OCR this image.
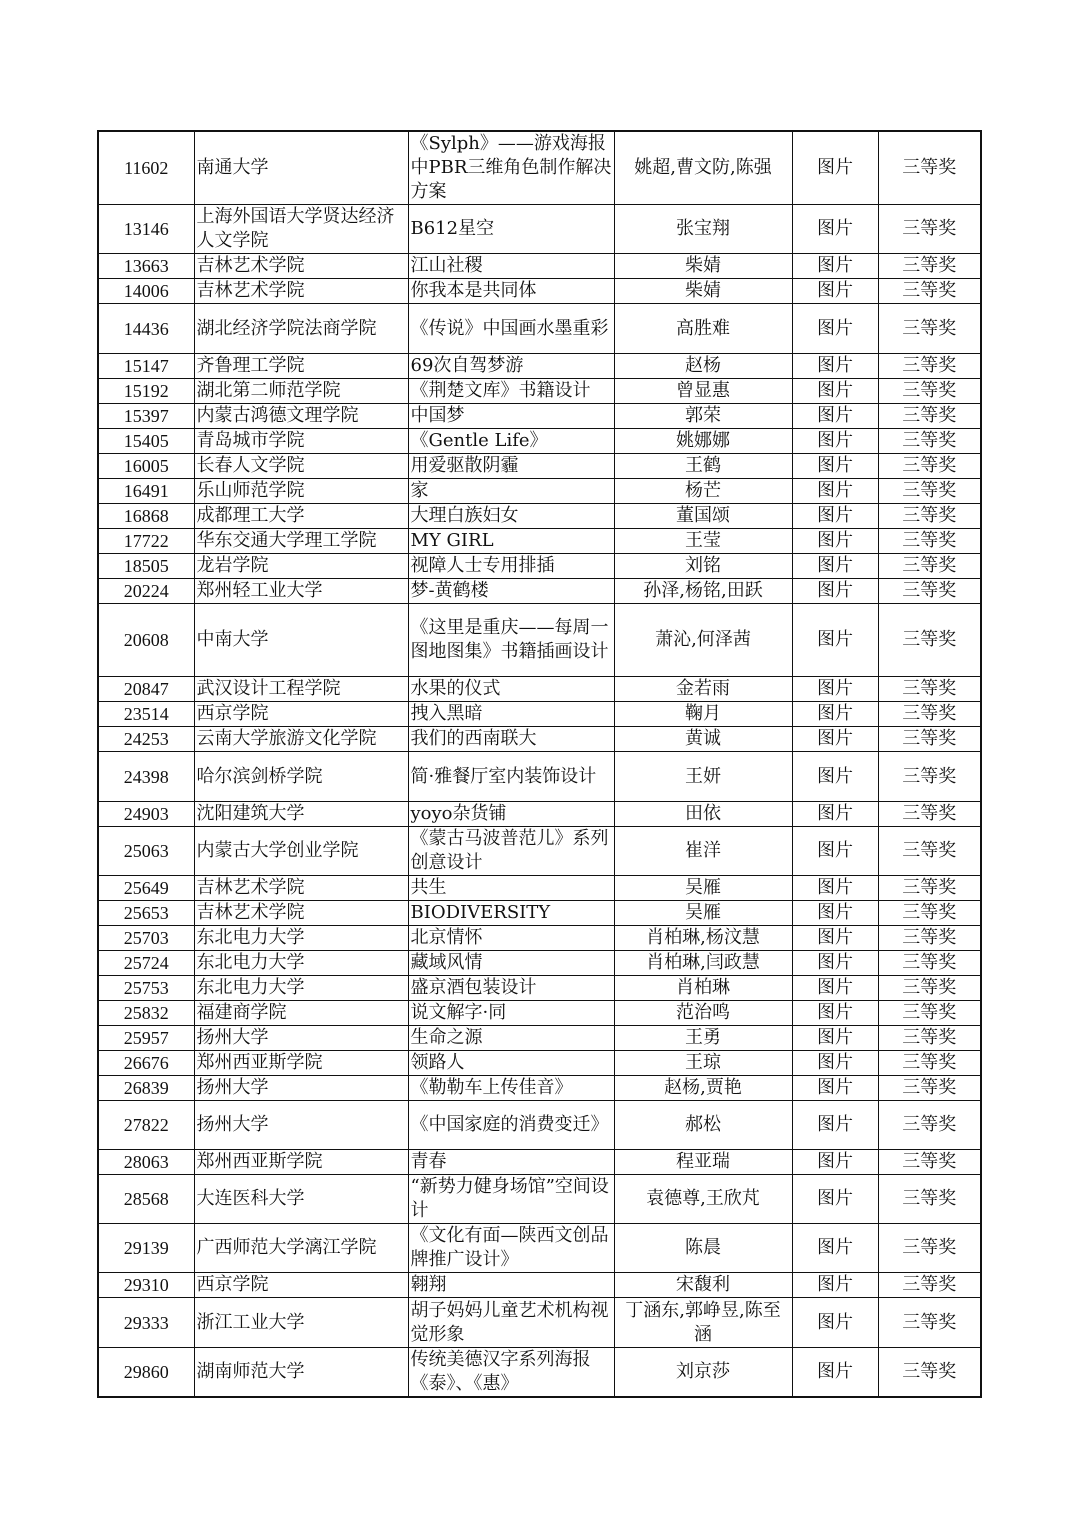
11602	南通大学	《Sylph》——游戏海报中PBR三维角色制作解决方案	姚超,曹文防,陈强	图片	三等奖
13146	上海外国语大学贤达经济人文学院	B612星空	张宝翔	图片	三等奖
13663	吉林艺术学院	江山社稷	柴婧	图片	三等奖
14006	吉林艺术学院	你我本是共同体	柴婧	图片	三等奖
14436	湖北经济学院法商学院	《传说》中国画水墨重彩	高胜难	图片	三等奖
15147	齐鲁理工学院	69次自驾梦游	赵杨	图片	三等奖
15192	湖北第二师范学院	《荆楚文库》书籍设计	曾显惠	图片	三等奖
15397	内蒙古鸿德文理学院	中国梦	郭荣	图片	三等奖
15405	青岛城市学院	《Gentle Life》	姚娜娜	图片	三等奖
16005	长春人文学院	用爱驱散阴霾	王鹤	图片	三等奖
16491	乐山师范学院	家	杨芒	图片	三等奖
16868	成都理工大学	大理白族妇女	董国颂	图片	三等奖
17722	华东交通大学理工学院	MY GIRL	王莹	图片	三等奖
18505	龙岩学院	视障人士专用排插	刘铭	图片	三等奖
20224	郑州轻工业大学	梦-黄鹤楼	孙泽,杨铭,田跃	图片	三等奖
20608	中南大学	《这里是重庆——每周一图地图集》书籍插画设计	萧沁,何泽茜	图片	三等奖
20847	武汉设计工程学院	水果的仪式	金若雨	图片	三等奖
23514	西京学院	拽入黑暗	鞠月	图片	三等奖
24253	云南大学旅游文化学院	我们的西南联大	黄诚	图片	三等奖
24398	哈尔滨剑桥学院	简·雅餐厅室内装饰设计	王妍	图片	三等奖
24903	沈阳建筑大学	yoyo杂货铺	田依	图片	三等奖
25063	内蒙古大学创业学院	《蒙古马波普范儿》系列创意设计	崔洋	图片	三等奖
25649	吉林艺术学院	共生	吴雁	图片	三等奖
25653	吉林艺术学院	BIODIVERSITY	吴雁	图片	三等奖
25703	东北电力大学	北京情怀	肖柏琳,杨汶慧	图片	三等奖
25724	东北电力大学	藏域风情	肖柏琳,闫政慧	图片	三等奖
25753	东北电力大学	盛京酒包装设计	肖柏琳	图片	三等奖
25832	福建商学院	说文解字·同	范治鸣	图片	三等奖
25957	扬州大学	生命之源	王勇	图片	三等奖
26676	郑州西亚斯学院	领路人	王琼	图片	三等奖
26839	扬州大学	《勒勒车上传佳音》	赵杨,贾艳	图片	三等奖
27822	扬州大学	《中国家庭的消费变迁》	郝松	图片	三等奖
28063	郑州西亚斯学院	青春	程亚瑞	图片	三等奖
28568	大连医科大学	“新势力健身场馆”空间设计	袁德尊,王欣芃	图片	三等奖
29139	广西师范大学漓江学院	《文化有面—陕西文创品牌推广设计》	陈晨	图片	三等奖
29310	西京学院	翱翔	宋馥利	图片	三等奖
29333	浙江工业大学	胡子妈妈儿童艺术机构视觉形象	丁涵东,郭峥昱,陈至涵	图片	三等奖
29860	湖南师范大学	传统美德汉字系列海报《泰》、《惠》	刘京莎	图片	三等奖
